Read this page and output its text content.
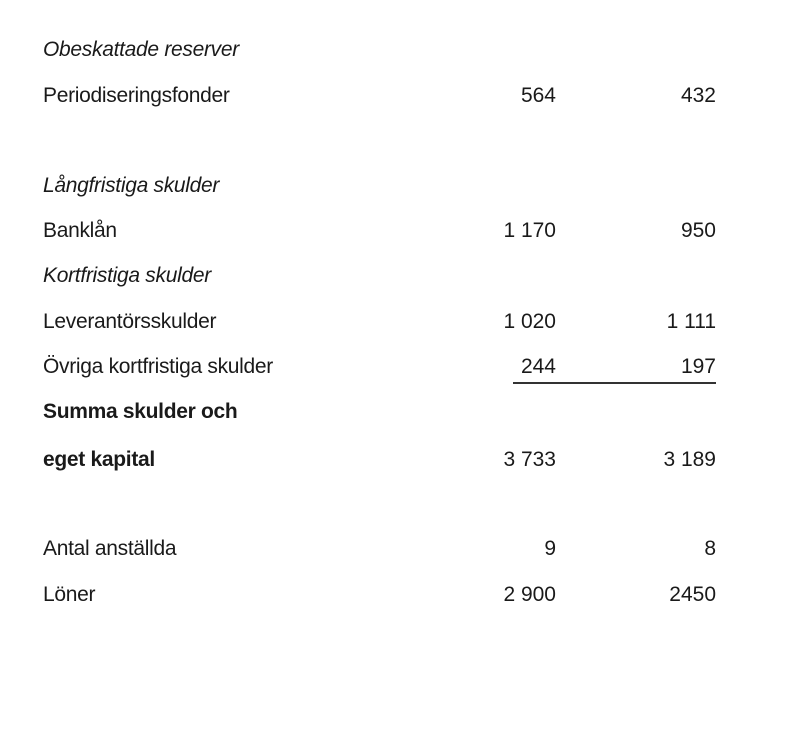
Obeskattade reserver
Periodiseringsfonder	564	432
Långfristiga skulder
Banklån	1 170	950
Kortfristiga skulder
Leverantörsskulder	1 020	1 111
Övriga kortfristiga skulder	244	197
Summa skulder och
eget kapital	3 733	3 189
Antal anställda	9	8
Löner	2 900	2450
